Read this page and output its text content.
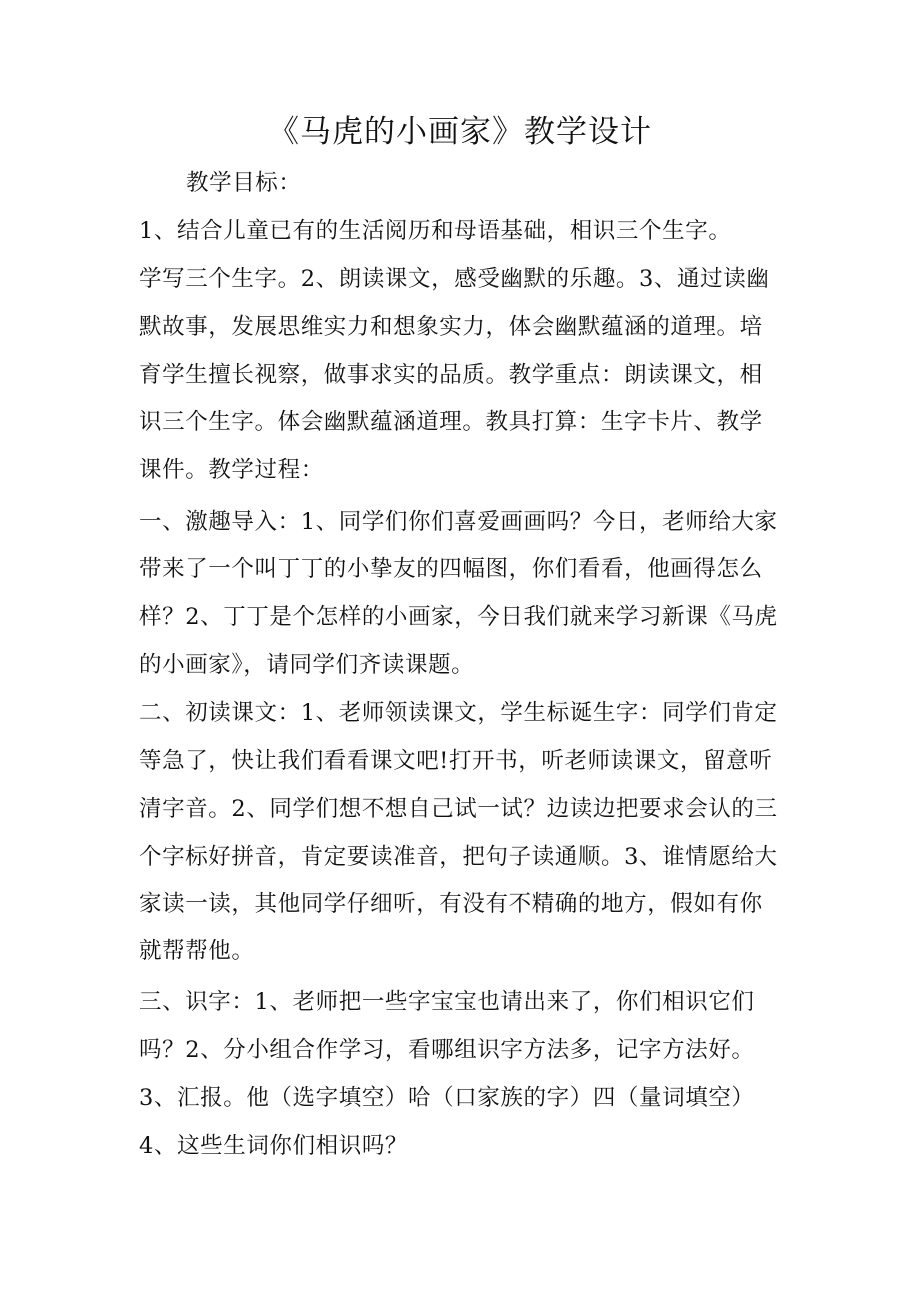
《马虎的小画家》教学设计
教学目标：
1、结合儿童已有的生活阅历和母语基础，相识三个生字。
学写三个生字。2、朗读课文，感受幽默的乐趣。3、通过读幽
默故事，发展思维实力和想象实力，体会幽默蕴涵的道理。培
育学生擅长视察，做事求实的品质。教学重点：朗读课文，相
识三个生字。体会幽默蕴涵道理。教具打算：生字卡片、教学
课件。教学过程：
一、激趣导入：1、同学们你们喜爱画画吗？今日，老师给大家
带来了一个叫丁丁的小挚友的四幅图，你们看看，他画得怎么
样？2、丁丁是个怎样的小画家，今日我们就来学习新课《马虎
的小画家》，请同学们齐读课题。
二、初读课文：1、老师领读课文，学生标诞生字：同学们肯定
等急了，快让我们看看课文吧!打开书，听老师读课文，留意听
清字音。2、同学们想不想自己试一试？边读边把要求会认的三
个字标好拼音，肯定要读准音，把句子读通顺。3、谁情愿给大
家读一读，其他同学仔细听，有没有不精确的地方，假如有你
就帮帮他。
三、识字：1、老师把一些字宝宝也请出来了，你们相识它们
吗？2、分小组合作学习，看哪组识字方法多，记字方法好。
3、汇报。他（选字填空）哈（口家族的字）四（量词填空）
4、这些生词你们相识吗？
